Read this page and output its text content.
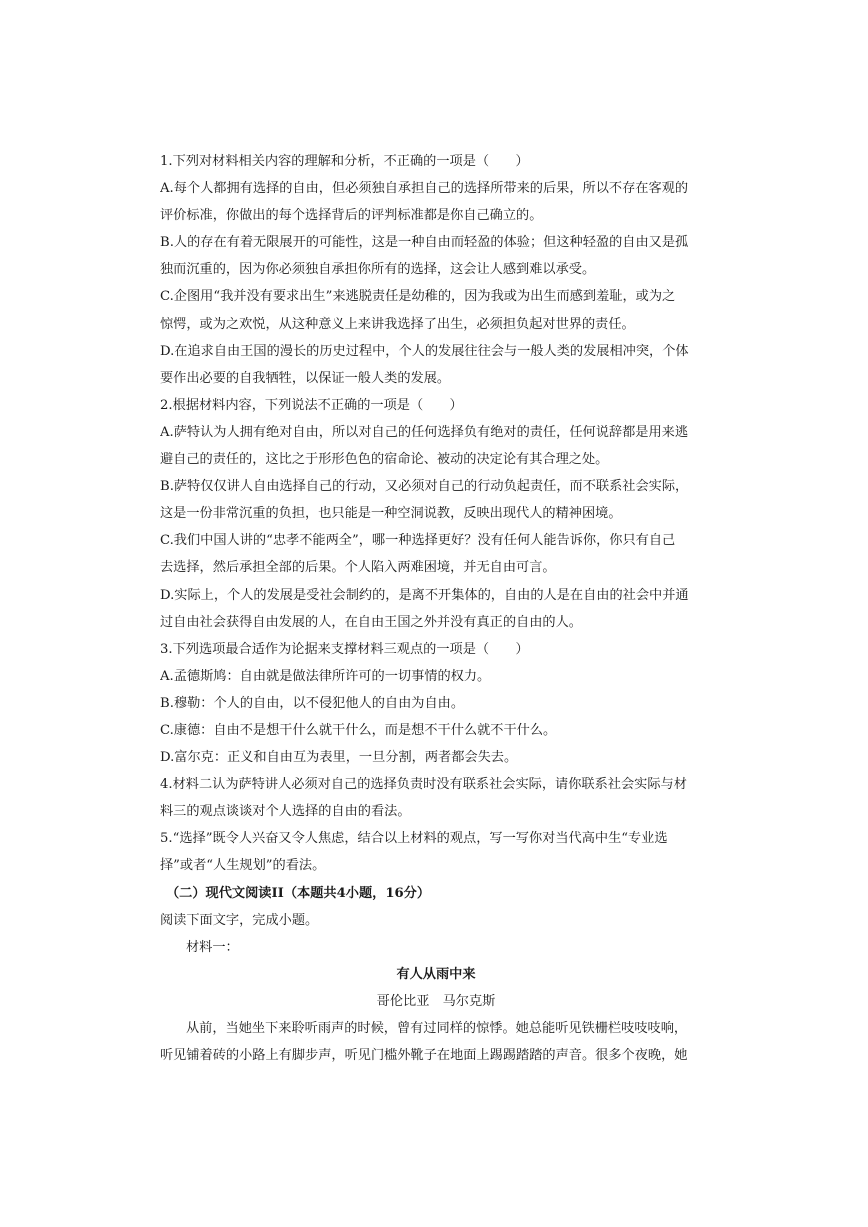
1.下列对材料相关内容的理解和分析，不正确的一项是（　　）
A.每个人都拥有选择的自由，但必须独自承担自己的选择所带来的后果，所以不存在客观的
评价标准，你做出的每个选择背后的评判标准都是你自己确立的。
B.人的存在有着无限展开的可能性，这是一种自由而轻盈的体验；但这种轻盈的自由又是孤
独而沉重的，因为你必须独自承担你所有的选择，这会让人感到难以承受。
C.企图用“我并没有要求出生”来逃脱责任是幼稚的，因为我或为出生而感到羞耻，或为之
惊愕，或为之欢悦，从这种意义上来讲我选择了出生，必须担负起对世界的责任。
D.在追求自由王国的漫长的历史过程中，个人的发展往往会与一般人类的发展相冲突，个体
要作出必要的自我牺牲，以保证一般人类的发展。
2.根据材料内容，下列说法不正确的一项是（　　）
A.萨特认为人拥有绝对自由，所以对自己的任何选择负有绝对的责任，任何说辞都是用来逃
避自己的责任的，这比之于形形色色的宿命论、被动的决定论有其合理之处。
B.萨特仅仅讲人自由选择自己的行动，又必须对自己的行动负起责任，而不联系社会实际，
这是一份非常沉重的负担，也只能是一种空洞说教，反映出现代人的精神困境。
C.我们中国人讲的“忠孝不能两全”，哪一种选择更好？没有任何人能告诉你，你只有自己
去选择，然后承担全部的后果。个人陷入两难困境，并无自由可言。
D.实际上，个人的发展是受社会制约的，是离不开集体的，自由的人是在自由的社会中并通
过自由社会获得自由发展的人，在自由王国之外并没有真正的自由的人。
3.下列选项最合适作为论据来支撑材料三观点的一项是（　　）
A.孟德斯鸠：自由就是做法律所许可的一切事情的权力。
B.穆勒：个人的自由，以不侵犯他人的自由为自由。
C.康德：自由不是想干什么就干什么，而是想不干什么就不干什么。
D.富尔克：正义和自由互为表里，一旦分割，两者都会失去。
4.材料二认为萨特讲人必须对自己的选择负责时没有联系社会实际，请你联系社会实际与材
料三的观点谈谈对个人选择的自由的看法。
5.“选择”既令人兴奋又令人焦虑，结合以上材料的观点，写一写你对当代高中生“专业选
择”或者“人生规划”的看法。
（二）现代文阅读II（本题共4小题，16分）
阅读下面文字，完成小题。
材料一：
有人从雨中来
哥伦比亚　马尔克斯
从前，当她坐下来聆听雨声的时候，曾有过同样的惊悸。她总能听见铁栅栏吱吱吱响，
听见铺着砖的小路上有脚步声，听见门槛外靴子在地面上踢踢踏踏的声音。很多个夜晚，她
